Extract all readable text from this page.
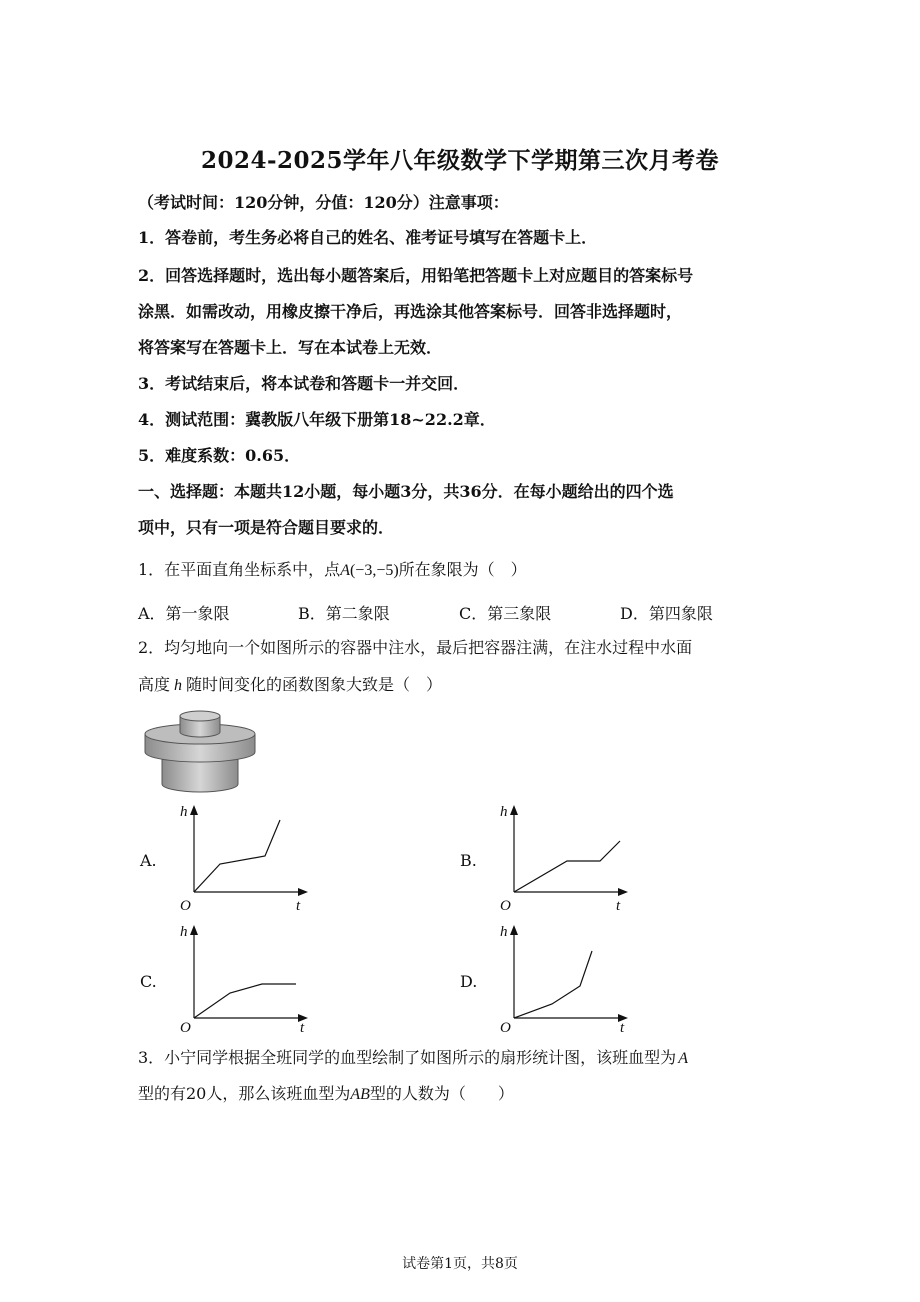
2024-2025学年八年级数学下学期第三次月考卷
（考试时间：120分钟，分值：120分）注意事项：
1．答卷前，考生务必将自己的姓名、准考证号填写在答题卡上．
2．回答选择题时，选出每小题答案后，用铅笔把答题卡上对应题目的答案标号
涂黑．如需改动，用橡皮擦干净后，再选涂其他答案标号．回答非选择题时，
将答案写在答题卡上．写在本试卷上无效．
3．考试结束后，将本试卷和答题卡一并交回．
4．测试范围：冀教版八年级下册第18~22.2章．
5．难度系数：0.65．
一、选择题：本题共12小题，每小题3分，共36分．在每小题给出的四个选
项中，只有一项是符合题目要求的．
1．在平面直角坐标系中，点A(−3,−5)所在象限为（　）
A．第一象限	B．第二象限	C．第三象限	D．第四象限
2．均匀地向一个如图所示的容器中注水，最后把容器注满，在注水过程中水面
高度 h 随时间变化的函数图象大致是（　）
A.	B.
C.	D.
h
O	t
h
O	t
h
O	t
h
O	t
3．小宁同学根据全班同学的血型绘制了如图所示的扇形统计图，该班血型为 A
型的有20人，那么该班血型为AB型的人数为（　　）
试卷第1页，共8页
